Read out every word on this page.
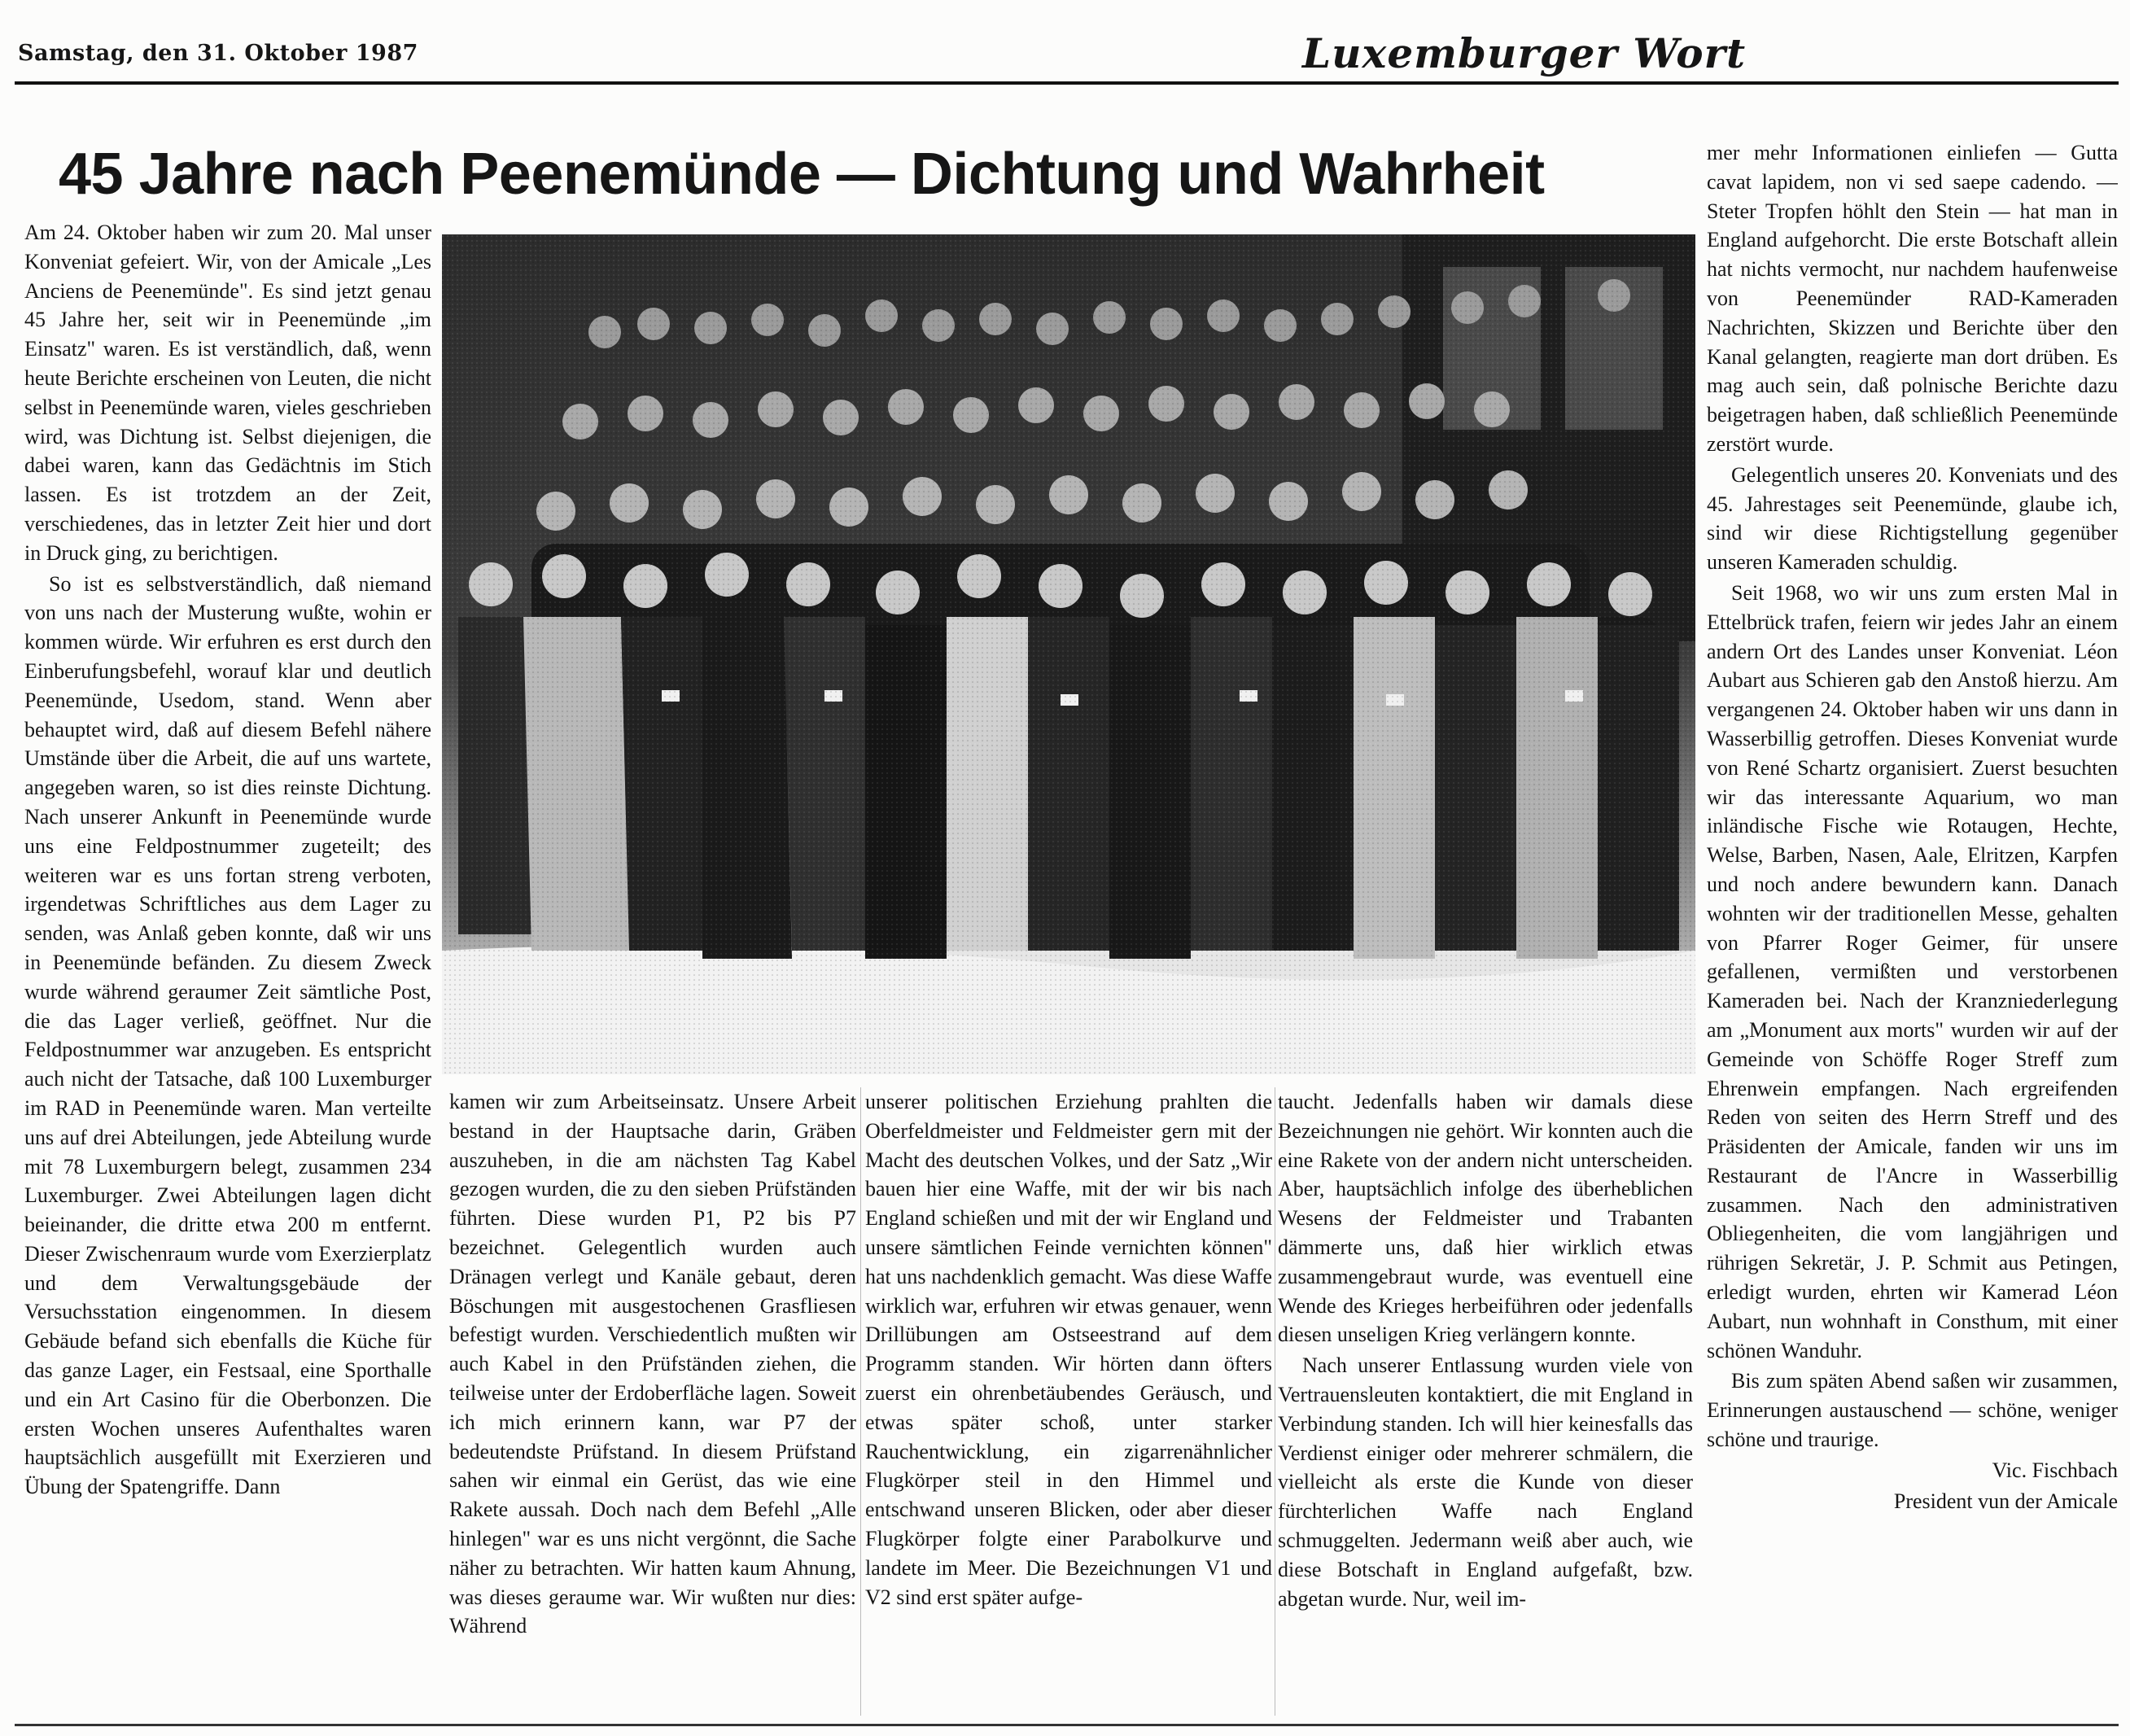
Samstag, den 31. Oktober 1987	Luxemburger Wort
45 Jahre nach Peenemünde — Dichtung und Wahrheit

Am 24. Oktober haben wir zum 20. Mal unser Konveniat gefeiert. Wir, von der Amicale „Les Anciens de Peenemünde". Es sind jetzt genau 45 Jahre her, seit wir in Peenemünde „im Einsatz" waren. Es ist verständlich, daß, wenn heute Berichte erscheinen von Leuten, die nicht selbst in Peenemünde waren, vieles geschrieben wird, was Dichtung ist. Selbst diejenigen, die dabei waren, kann das Gedächtnis im Stich lassen. Es ist trotzdem an der Zeit, verschiedenes, das in letzter Zeit hier und dort in Druck ging, zu berichtigen.

So ist es selbstverständlich, daß niemand von uns nach der Musterung wußte, wohin er kommen würde. Wir erfuhren es erst durch den Einberufungsbefehl, worauf klar und deutlich Peenemünde, Usedom, stand. Wenn aber behauptet wird, daß auf diesem Befehl nähere Umstände über die Arbeit, die auf uns wartete, angegeben waren, so ist dies reinste Dichtung. Nach unserer Ankunft in Peenemünde wurde uns eine Feldpostnummer zugeteilt; des weiteren war es uns fortan streng verboten, irgendetwas Schriftliches aus dem Lager zu senden, was Anlaß geben konnte, daß wir uns in Peenemünde befänden. Zu diesem Zweck wurde während geraumer Zeit sämtliche Post, die das Lager verließ, geöffnet. Nur die Feldpostnummer war anzugeben. Es entspricht auch nicht der Tatsache, daß 100 Luxemburger im RAD in Peenemünde waren. Man verteilte uns auf drei Abteilungen, jede Abteilung wurde mit 78 Luxemburgern belegt, zusammen 234 Luxemburger. Zwei Abteilungen lagen dicht beieinander, die dritte etwa 200 m entfernt. Dieser Zwischenraum wurde vom Exerzierplatz und dem Verwaltungsgebäude der Versuchsstation eingenommen. In diesem Gebäude befand sich ebenfalls die Küche für das ganze Lager, ein Festsaal, eine Sporthalle und ein Art Casino für die Oberbonzen. Die ersten Wochen unseres Aufenthaltes waren hauptsächlich ausgefüllt mit Exerzieren und Übung der Spatengriffe. Dann

kamen wir zum Arbeitseinsatz. Unsere Arbeit bestand in der Hauptsache darin, Gräben auszuheben, in die am nächsten Tag Kabel gezogen wurden, die zu den sieben Prüfständen führten. Diese wurden P1, P2 bis P7 bezeichnet. Gelegentlich wurden auch Dränagen verlegt und Kanäle gebaut, deren Böschungen mit ausgestochenen Grasfliesen befestigt wurden. Verschiedentlich mußten wir auch Kabel in den Prüfständen ziehen, die teilweise unter der Erdoberfläche lagen. Soweit ich mich erinnern kann, war P7 der bedeutendste Prüfstand. In diesem Prüfstand sahen wir einmal ein Gerüst, das wie eine Rakete aussah. Doch nach dem Befehl „Alle hinlegen" war es uns nicht vergönnt, die Sache näher zu betrachten. Wir hatten kaum Ahnung, was dieses geraume war. Wir wußten nur dies: Während

unserer politischen Erziehung prahlten die Oberfeldmeister und Feldmeister gern mit der Macht des deutschen Volkes, und der Satz „Wir bauen hier eine Waffe, mit der wir bis nach England schießen und mit der wir England und unsere sämtlichen Feinde vernichten können" hat uns nachdenklich gemacht. Was diese Waffe wirklich war, erfuhren wir etwas genauer, wenn Drillübungen am Ostseestrand auf dem Programm standen. Wir hörten dann öfters zuerst ein ohrenbetäubendes Geräusch, und etwas später schoß, unter starker Rauchentwicklung, ein zigarrenähnlicher Flugkörper steil in den Himmel und entschwand unseren Blicken, oder aber dieser Flugkörper folgte einer Parabolkurve und landete im Meer. Die Bezeichnungen V1 und V2 sind erst später aufge-

taucht. Jedenfalls haben wir damals diese Bezeichnungen nie gehört. Wir konnten auch die eine Rakete von der andern nicht unterscheiden. Aber, hauptsächlich infolge des überheblichen Wesens der Feldmeister und Trabanten dämmerte uns, daß hier wirklich etwas zusammengebraut wurde, was eventuell eine Wende des Krieges herbeiführen oder jedenfalls diesen unseligen Krieg verlängern konnte.

Nach unserer Entlassung wurden viele von Vertrauensleuten kontaktiert, die mit England in Verbindung standen. Ich will hier keinesfalls das Verdienst einiger oder mehrerer schmälern, die vielleicht als erste die Kunde von dieser fürchterlichen Waffe nach England schmuggelten. Jedermann weiß aber auch, wie diese Botschaft in England aufgefaßt, bzw. abgetan wurde. Nur, weil im-

mer mehr Informationen einliefen — Gutta cavat lapidem, non vi sed saepe cadendo. — Steter Tropfen höhlt den Stein — hat man in England aufgehorcht. Die erste Botschaft allein hat nichts vermocht, nur nachdem haufenweise von Peenemünder RAD-Kameraden Nachrichten, Skizzen und Berichte über den Kanal gelangten, reagierte man dort drüben. Es mag auch sein, daß polnische Berichte dazu beigetragen haben, daß schließlich Peenemünde zerstört wurde.

Gelegentlich unseres 20. Konveniats und des 45. Jahrestages seit Peenemünde, glaube ich, sind wir diese Richtigstellung gegenüber unseren Kameraden schuldig.

Seit 1968, wo wir uns zum ersten Mal in Ettelbrück trafen, feiern wir jedes Jahr an einem andern Ort des Landes unser Konveniat. Léon Aubart aus Schieren gab den Anstoß hierzu. Am vergangenen 24. Oktober haben wir uns dann in Wasserbillig getroffen. Dieses Konveniat wurde von René Schartz organisiert. Zuerst besuchten wir das interessante Aquarium, wo man inländische Fische wie Rotaugen, Hechte, Welse, Barben, Nasen, Aale, Elritzen, Karpfen und noch andere bewundern kann. Danach wohnten wir der traditionellen Messe, gehalten von Pfarrer Roger Geimer, für unsere gefallenen, vermißten und verstorbenen Kameraden bei. Nach der Kranzniederlegung am „Monument aux morts" wurden wir auf der Gemeinde von Schöffe Roger Streff zum Ehrenwein empfangen. Nach ergreifenden Reden von seiten des Herrn Streff und des Präsidenten der Amicale, fanden wir uns im Restaurant de l'Ancre in Wasserbillig zusammen. Nach den administrativen Obliegenheiten, die vom langjährigen und rührigen Sekretär, J. P. Schmit aus Petingen, erledigt wurden, ehrten wir Kamerad Léon Aubart, nun wohnhaft in Consthum, mit einer schönen Wanduhr.

Bis zum späten Abend saßen wir zusammen, Erinnerungen austauschend — schöne, weniger schöne und traurige.

Vic. Fischbach

President vun der Amicale
